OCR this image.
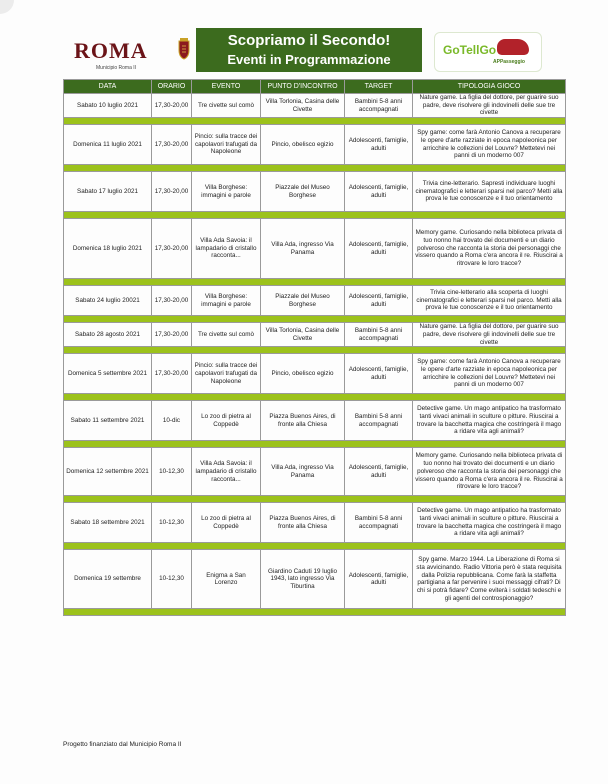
ROMA
Municipio Roma II
Scopriamo il Secondo!
Eventi in Programmazione
GoTellGo
APPasseggio
DATA	ORARIO	EVENTO	PUNTO D'INCONTRO	TARGET	TIPOLOGIA GIOCO
Sabato 10 luglio 2021	17,30-20,00	Tre civette sul comò	Villa Torlonia, Casina delle Civette	Bambini 5-8 anni accompagnati	Nature game. La figlia del dottore, per guarire suo padre, deve risolvere gli indovinelli delle sue tre civette

Domenica 11 luglio 2021	17,30-20,00	Pincio: sulla tracce dei capolavori trafugati da Napoleone	Pincio, obelisco egizio	Adolescenti, famiglie, adulti	Spy game: come farà Antonio Canova a recuperare le opere d'arte razziate in epoca napoleonica per arricchire le collezioni del Louvre? Mettetevi nei panni di un moderno 007

Sabato 17 luglio 2021	17,30-20,00	Villa Borghese: immagini e parole	Piazzale del Museo Borghese	Adolescenti, famiglie, adulti	Trivia cine-letterario. Sapresti individuare luoghi cinematografici e letterari sparsi nel parco? Metti alla prova le tue conoscenze e il tuo orientamento

Domenica 18 luglio 2021	17,30-20,00	Villa Ada Savoia: il lampadario di cristallo racconta...	Villa Ada, ingresso Via Panama	Adolescenti, famiglie, adulti	Memory game. Curiosando nella biblioteca privata di tuo nonno hai trovato dei documenti e un diario polveroso che racconta la storia dei personaggi che vissero quando a Roma c'era ancora il re. Riuscirai a ritrovare le loro tracce?

Sabato 24 luglio 20021	17,30-20,00	Villa Borghese: immagini e parole	Piazzale del Museo Borghese	Adolescenti, famiglie, adulti	Trivia cine-letterario alla scoperta di luoghi cinematografici e letterari sparsi nel parco. Metti alla prova le tue conoscenze e il tuo orientamento

Sabato 28 agosto 2021	17,30-20,00	Tre civette sul comò	Villa Torlonia, Casina delle Civette	Bambini 5-8 anni accompagnati	Nature game. La figlia del dottore, per guarire suo padre, deve risolvere gli indovinelli delle sue tre civette

Domenica 5 settembre 2021	17,30-20,00	Pincio: sulla tracce dei capolavori trafugati da Napoleone	Pincio, obelisco egizio	Adolescenti, famiglie, adulti	Spy game: come farà Antonio Canova a recuperare le opere d'arte razziate in epoca napoleonica per arricchire le collezioni del Louvre? Mettetevi nei panni di un moderno 007

Sabato 11 settembre 2021	10-dic	Lo zoo di pietra al Coppedè	Piazza Buenos Aires, di fronte alla Chiesa	Bambini 5-8 anni accompagnati	Detective game. Un mago antipatico ha trasformato tanti vivaci animali in sculture o pitture. Riuscirai a trovare la bacchetta magica che costringerà il mago a ridare vita agli animali?

Domenica 12 settembre 2021	10-12,30	Villa Ada Savoia: il lampadario di cristallo racconta...	Villa Ada, ingresso Via Panama	Adolescenti, famiglie, adulti	Memory game. Curiosando nella biblioteca privata di tuo nonno hai trovato dei documenti e un diario polveroso che racconta la storia dei personaggi che vissero quando a Roma c'era ancora il re. Riuscirai a ritrovare le loro tracce?

Sabato 18 settembre 2021	10-12,30	Lo zoo di pietra al Coppedè	Piazza Buenos Aires, di fronte alla Chiesa	Bambini 5-8 anni accompagnati	Detective game. Un mago antipatico ha trasformato tanti vivaci animali in sculture o pitture. Riuscirai a trovare la bacchetta magica che costringerà il mago a ridare vita agli animali?

Domenica 19 settembre	10-12,30	Enigma a San Lorenzo	Giardino Caduti 19 luglio 1943, lato ingresso Via Tiburtina	Adolescenti, famiglie, adulti	Spy game. Marzo 1944. La Liberazione di Roma si sta avvicinando. Radio Vittoria però è stata requisita dalla Polizia repubblicana. Come farà la staffetta partigiana a far pervenire i suoi messaggi cifrati? Di chi si potrà fidare? Come eviterà i soldati tedeschi e gli agenti del controspionaggio?

Progetto finanziato dal Municipio Roma II
